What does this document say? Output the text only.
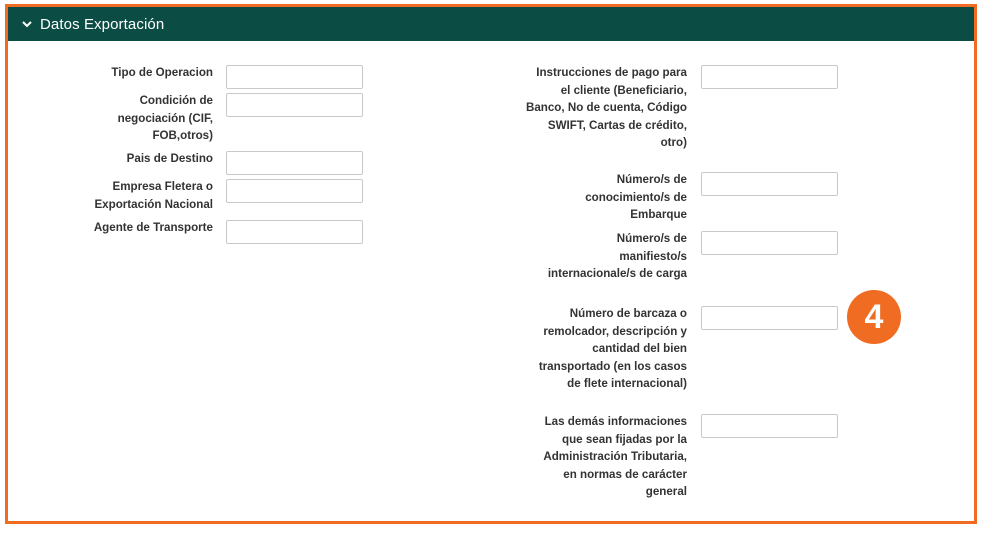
Datos Exportación
Tipo de Operacion
Condición de negociación (CIF, FOB,otros)
Pais de Destino
Empresa Fletera o Exportación Nacional
Agente de Transporte
Instrucciones de pago para el cliente (Beneficiario, Banco, No de cuenta, Código SWIFT, Cartas de crédito, otro)
Número/s de conocimiento/s de Embarque
Número/s de manifiesto/s internacionale/s de carga
Número de barcaza o remolcador, descripción y cantidad del bien transportado (en los casos de flete internacional)
Las demás informaciones que sean fijadas por la Administración Tributaria, en normas de carácter general
4
